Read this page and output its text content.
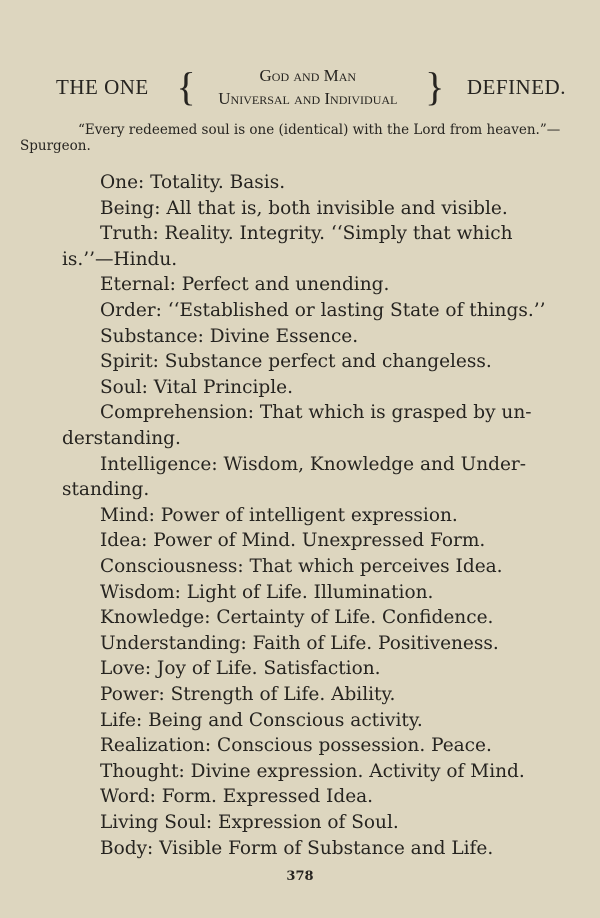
THE ONE {	God and Man
Universal and Individual } DEFINED.
“Every redeemed soul is one (identical) with the Lord from heaven.”—Spurgeon.
One: Totality. Basis.
Being: All that is, both invisible and visible.
Truth: Reality. Integrity. ‘‘Simply that which
is.’’—Hindu.
Eternal: Perfect and unending.
Order: ‘‘Established or lasting State of things.’’
Substance: Divine Essence.
Spirit: Substance perfect and changeless.
Soul: Vital Principle.
Comprehension: That which is grasped by un-
derstanding.
Intelligence: Wisdom, Knowledge and Under-
standing.
Mind: Power of intelligent expression.
Idea: Power of Mind. Unexpressed Form.
Consciousness: That which perceives Idea.
Wisdom: Light of Life. Illumination.
Knowledge: Certainty of Life. Confidence.
Understanding: Faith of Life. Positiveness.
Love: Joy of Life. Satisfaction.
Power: Strength of Life. Ability.
Life: Being and Conscious activity.
Realization: Conscious possession. Peace.
Thought: Divine expression. Activity of Mind.
Word: Form. Expressed Idea.
Living Soul: Expression of Soul.
Body: Visible Form of Substance and Life.
378
